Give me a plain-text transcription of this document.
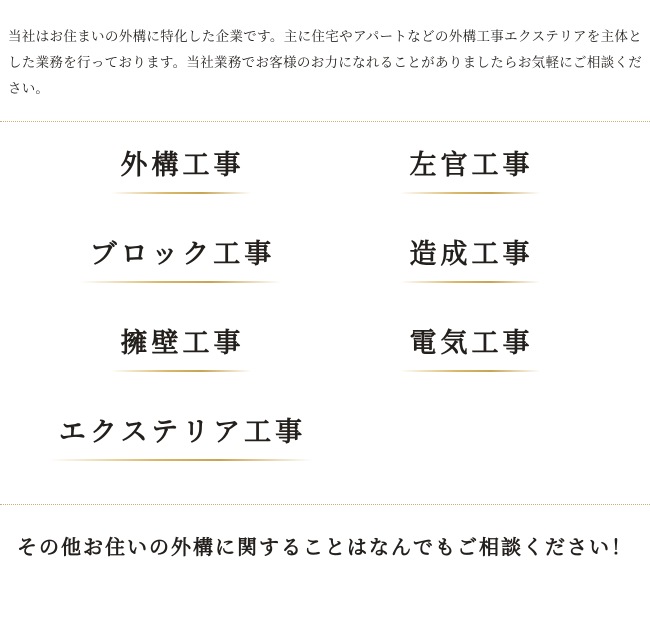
当社はお住まいの外構に特化した企業です。主に住宅やアパートなどの外構工事エクステリアを主体とした業務を行っております。当社業務でお客様のお力になれることがありましたらお気軽にご相談ください。

外構工事	左官工事
ブロック工事	造成工事
擁壁工事	電気工事
エクステリア工事
その他お住いの外構に関することはなんでもご相談ください！
